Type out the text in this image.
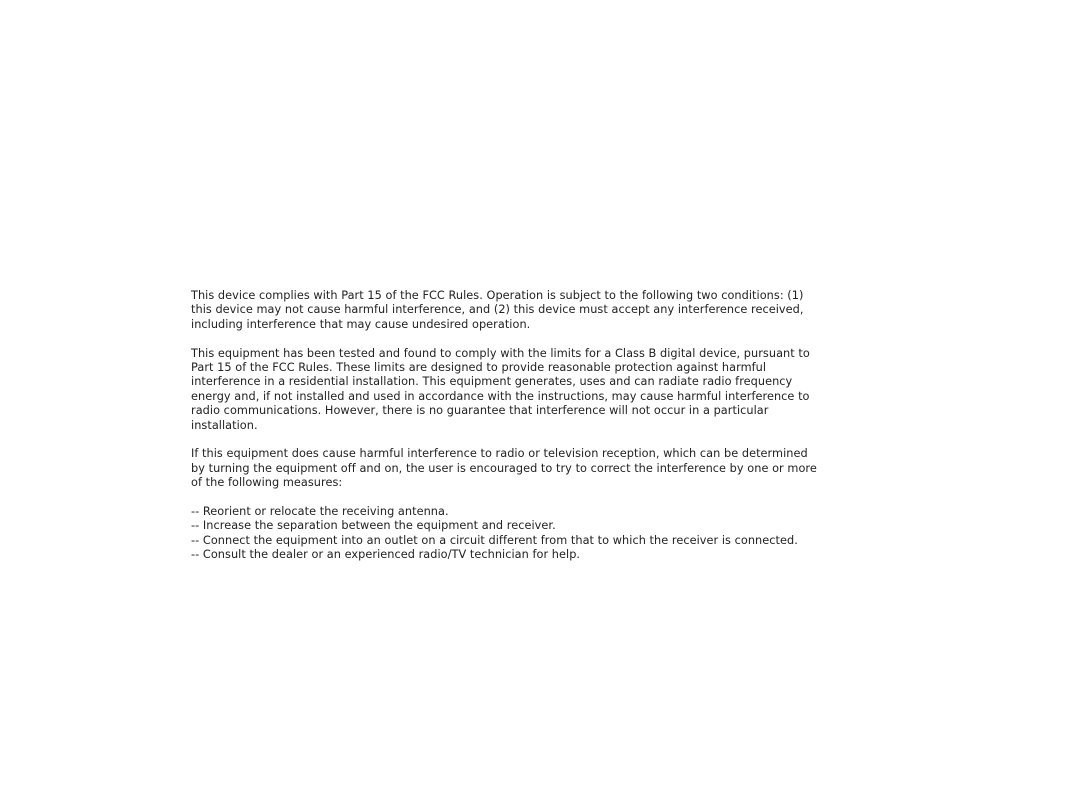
This device complies with Part 15 of the FCC Rules. Operation is subject to the following two conditions: (1)
this device may not cause harmful interference, and (2) this device must accept any interference received,
including interference that may cause undesired operation.

This equipment has been tested and found to comply with the limits for a Class B digital device, pursuant to
Part 15 of the FCC Rules. These limits are designed to provide reasonable protection against harmful
interference in a residential installation. This equipment generates, uses and can radiate radio frequency
energy and, if not installed and used in accordance with the instructions, may cause harmful interference to
radio communications. However, there is no guarantee that interference will not occur in a particular
installation.

If this equipment does cause harmful interference to radio or television reception, which can be determined
by turning the equipment off and on, the user is encouraged to try to correct the interference by one or more
of the following measures:

-- Reorient or relocate the receiving antenna.
-- Increase the separation between the equipment and receiver.
-- Connect the equipment into an outlet on a circuit different from that to which the receiver is connected.
-- Consult the dealer or an experienced radio/TV technician for help.
